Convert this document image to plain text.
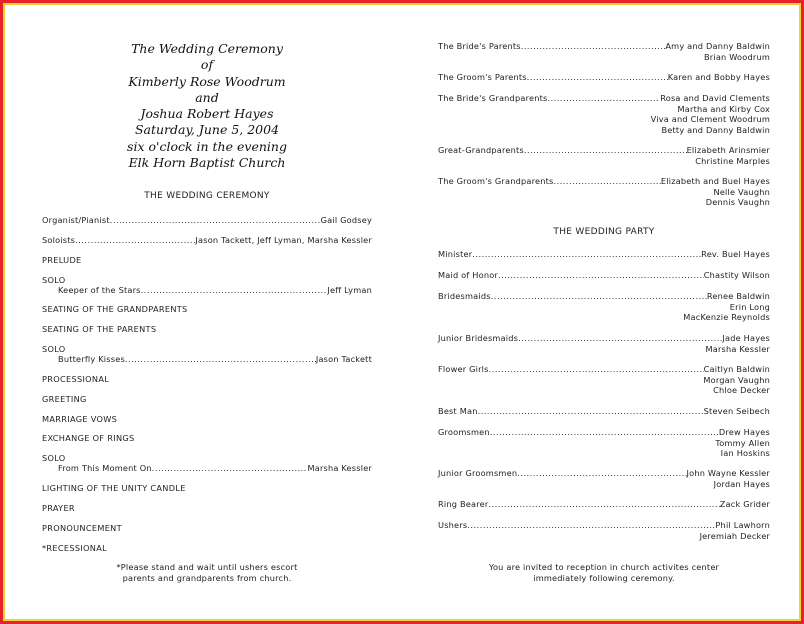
The Wedding Ceremony
of
Kimberly Rose Woodrum
and
Joshua Robert Hayes
Saturday, June 5, 2004
six o'clock in the evening
Elk Horn Baptist Church
THE WEDDING CEREMONY
Organist/Pianist .....	Gail Godsey
Soloists .....	Jason Tackett, Jeff Lyman, Marsha Kessler
PRELUDE
SOLO
Keeper of the Stars .....	Jeff Lyman
SEATING OF THE GRANDPARENTS
SEATING OF THE PARENTS
SOLO
Butterfly Kisses .....	Jason Tackett
PROCESSIONAL
GREETING
MARRIAGE VOWS
EXCHANGE OF RINGS
SOLO
From This Moment On .....	Marsha Kessler
LIGHTING OF THE UNITY CANDLE
PRAYER
PRONOUNCEMENT
*RECESSIONAL
*Please stand and wait until ushers escort
parents and grandparents from church.
The Bride's Parents .....	Amy and Danny Baldwin
Brian Woodrum
The Groom's Parents .....	Karen and Bobby Hayes
The Bride's Grandparents .....	Rosa and David Clements
Martha and Kirby Cox
Viva and Clement Woodrum
Betty and Danny Baldwin
Great-Grandparents .....	Elizabeth Arinsmier
Christine Marples
The Groom's Grandparents .....	Elizabeth and Buel Hayes
Nelle Vaughn
Dennis Vaughn
THE WEDDING PARTY
Minister .....	Rev. Buel Hayes
Maid of Honor .....	Chastity Wilson
Bridesmaids .....	Renee Baldwin
Erin Long
MacKenzie Reynolds
Junior Bridesmaids .....	Jade Hayes
Marsha Kessler
Flower Girls .....	Caitlyn Baldwin
Morgan Vaughn
Chloe Decker
Best Man .....	Steven Seibech
Groomsmen .....	Drew Hayes
Tommy Allen
Ian Hoskins
Junior Groomsmen .....	John Wayne Kessler
Jordan Hayes
Ring Bearer .....	Zack Grider
Ushers .....	Phil Lawhorn
Jeremiah Decker
You are invited to reception in church activites center
immediately following ceremony.
